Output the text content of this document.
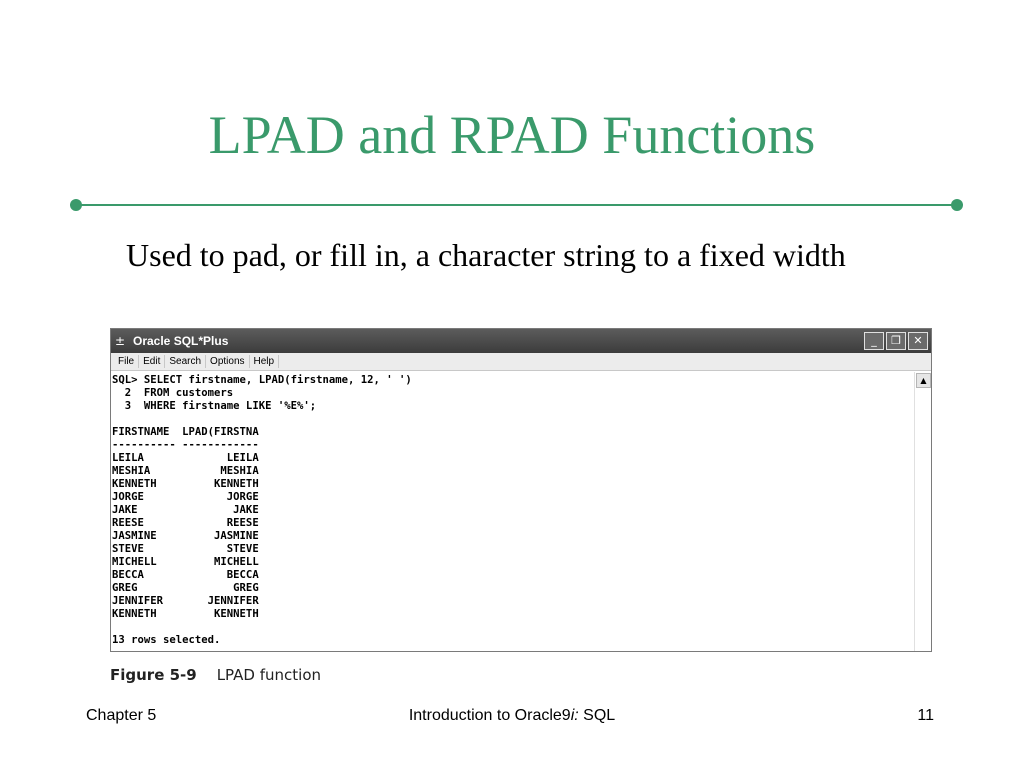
LPAD and RPAD Functions
Used to pad, or fill in, a character string to a fixed width
± Oracle SQL*Plus	_	❐	✕
File Edit Search Options Help
SQL> SELECT firstname, LPAD(firstname, 12, ' ')
2  FROM customers
3  WHERE firstname LIKE '%E%';

FIRSTNAME  LPAD(FIRSTNA
---------- ------------
LEILA             LEILA
MESHIA           MESHIA
KENNETH         KENNETH
JORGE             JORGE
JAKE               JAKE
REESE             REESE
JASMINE         JASMINE
STEVE             STEVE
MICHELL         MICHELL
BECCA             BECCA
GREG               GREG
JENNIFER       JENNIFER
KENNETH         KENNETH

13 rows selected.
▲
Figure 5-9 LPAD function
Chapter 5	Introduction to Oracle9i: SQL	11
